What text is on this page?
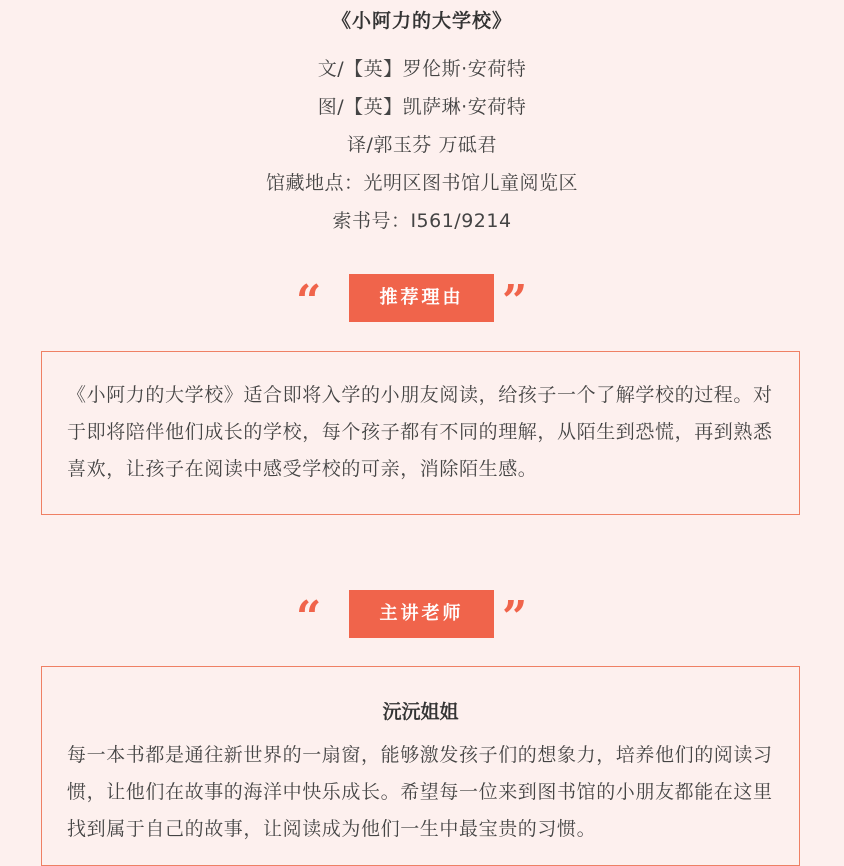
《小阿力的大学校》
文/【英】罗伦斯·安荷特
图/【英】凯萨琳·安荷特
译/郭玉芬 万砥君
馆藏地点：光明区图书馆儿童阅览区
索书号：I561/9214
“	推荐理由 ”
《小阿力的大学校》适合即将入学的小朋友阅读，给孩子一个了解学校的过程。对于即将陪伴他们成长的学校，每个孩子都有不同的理解，从陌生到恐慌，再到熟悉喜欢，让孩子在阅读中感受学校的可亲，消除陌生感。
“	主讲老师 ”
沅沅姐姐
每一本书都是通往新世界的一扇窗，能够激发孩子们的想象力，培养他们的阅读习惯，让他们在故事的海洋中快乐成长。希望每一位来到图书馆的小朋友都能在这里找到属于自己的故事，让阅读成为他们一生中最宝贵的习惯。
